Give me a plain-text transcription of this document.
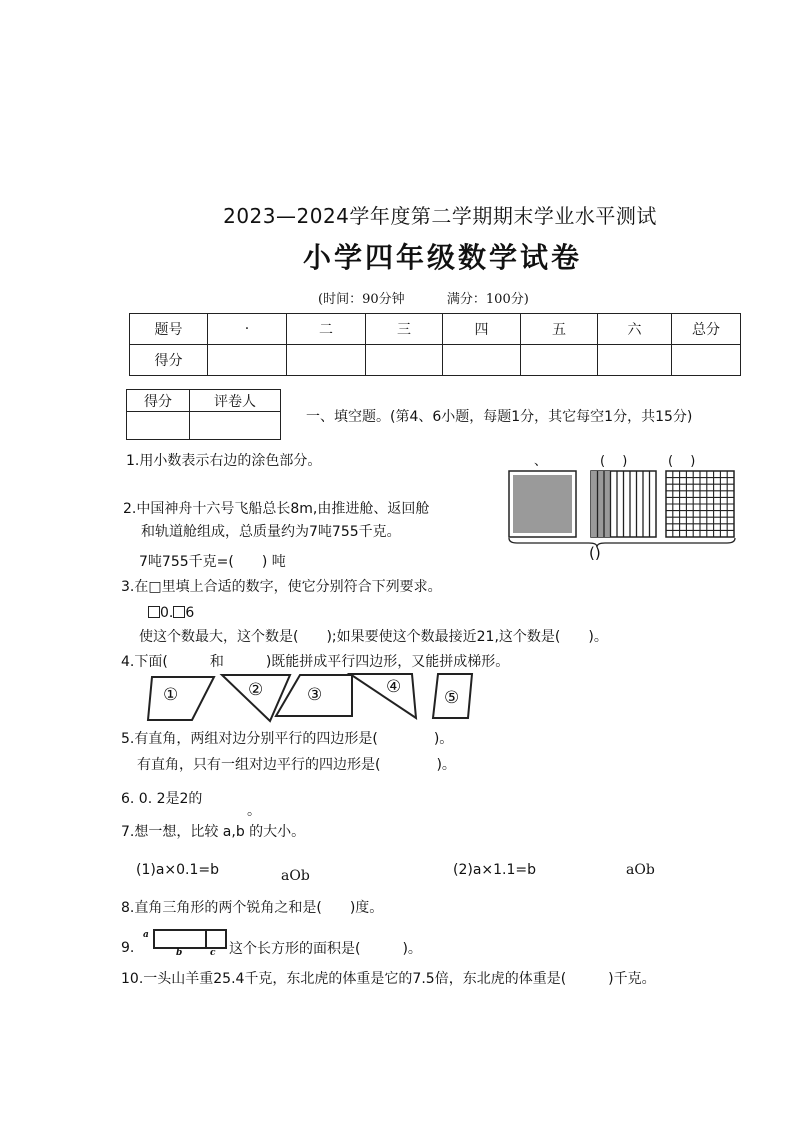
2023—2024学年度第二学期期末学业水平测试
小学四年级数学试卷
(时间：90分钟	满分：100分)
题号	·	二	三	四	五	六	总分
得分							
得分	评卷人

一、填空题。(第4、6小题，每题1分，其它每空1分，共15分)
1.用小数表示右边的涂色部分。	、	(　 )	(　 )
()
2.中国神舟十六号飞船总长8m,由推进舱、返回舱
和轨道舱组成，总质量约为7吨755千克。
7吨755千克=(　　) 吨
3.在□里填上合适的数字，使它分别符合下列要求。
0. 6
使这个数最大，这个数是(　　);如果要使这个数最接近21,这个数是(　　)。
4.下面(　　　和　　　)既能拼成平行四边形，又能拼成梯形。
①	②	③	④
⑤
5.有直角，两组对边分别平行的四边形是(　　　　)。
有直角，只有一组对边平行的四边形是(　　　　)。
6. 0. 2是2的
。
7.想一想，比较 a,b 的大小。
(1)a×0.1=b	aOb	(2)a×1.1=b	aOb
8.直角三角形的两个锐角之和是(　　)度。
9.
a
b	c 这个长方形的面积是(　　　)。
10.一头山羊重25.4千克，东北虎的体重是它的7.5倍，东北虎的体重是(　　　)千克。
